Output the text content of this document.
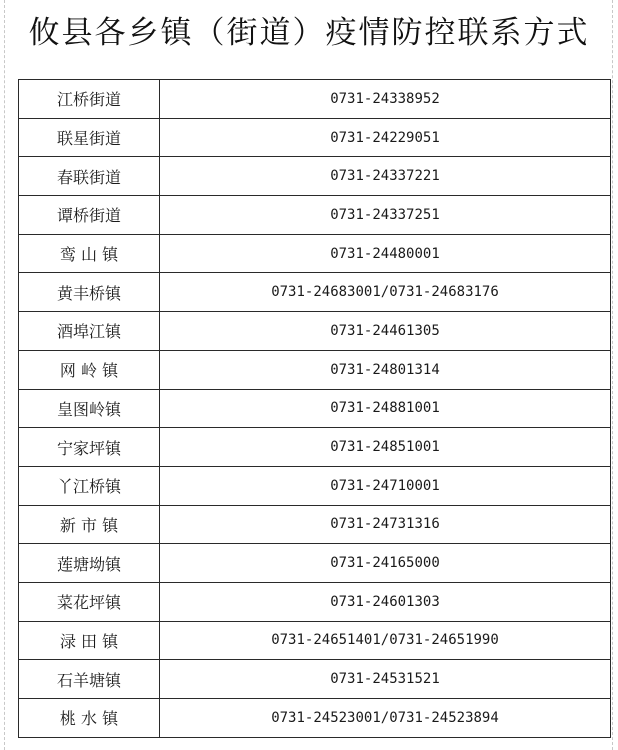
攸县各乡镇（街道）疫情防控联系方式
江桥街道	0731-24338952
联星街道	0731-24229051
春联街道	0731-24337221
谭桥街道	0731-24337251
鸾 山 镇	0731-24480001
黄丰桥镇	0731-24683001/0731-24683176
酒埠江镇	0731-24461305
网 岭 镇	0731-24801314
皇图岭镇	0731-24881001
宁家坪镇	0731-24851001
丫江桥镇	0731-24710001
新 市 镇	0731-24731316
莲塘坳镇	0731-24165000
菜花坪镇	0731-24601303
渌 田 镇	0731-24651401/0731-24651990
石羊塘镇	0731-24531521
桃 水 镇	0731-24523001/0731-24523894
